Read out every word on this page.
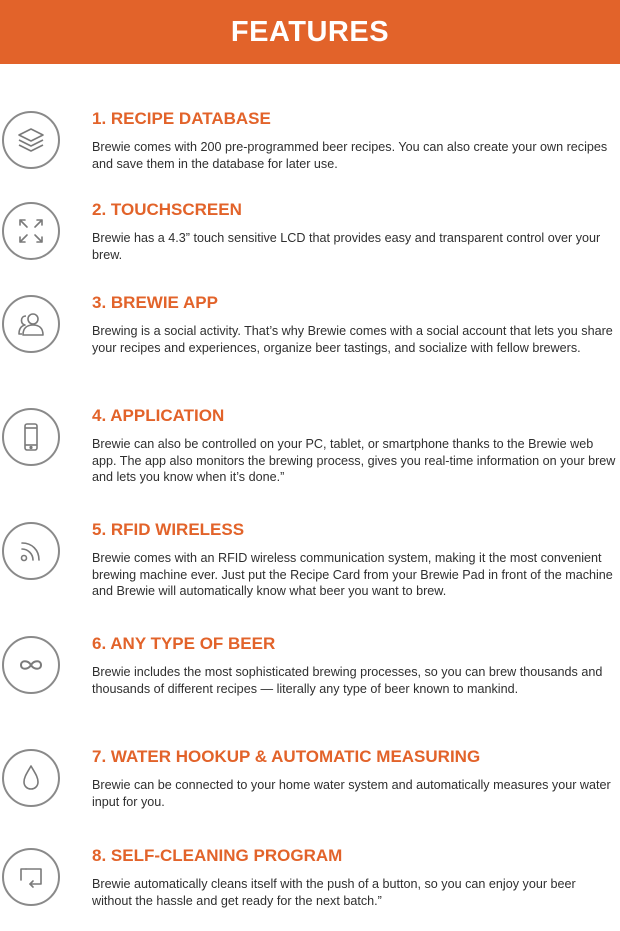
FEATURES
1. RECIPE DATABASE
Brewie comes with 200 pre-programmed beer recipes. You can also create your own recipes and save them in the database for later use.
2. TOUCHSCREEN
Brewie has a 4.3” touch sensitive LCD that provides easy and transparent control over your brew.
3. BREWIE APP
Brewing is a social activity. That’s why Brewie comes with a social account that lets you share your recipes and experiences, organize beer tastings, and socialize with fellow brewers.
4. APPLICATION
Brewie can also be controlled on your PC, tablet, or smartphone thanks to the Brewie web app. The app also monitors the brewing process, gives you real-time information on your brew and lets you know when it’s done.”
5. RFID WIRELESS
Brewie comes with an RFID wireless communication system, making it the most convenient brewing machine ever. Just put the Recipe Card from your Brewie Pad in front of the machine and Brewie will automatically know what beer you want to brew.
6. ANY TYPE OF BEER
Brewie includes the most sophisticated brewing processes, so you can brew thousands and thousands of different recipes — literally any type of beer known to mankind.
7. WATER HOOKUP & AUTOMATIC MEASURING
Brewie can be connected to your home water system and automatically measures your water input for you.
8. SELF-CLEANING PROGRAM
Brewie automatically cleans itself with the push of a button, so you can enjoy your beer without the hassle and get ready for the next batch.”
